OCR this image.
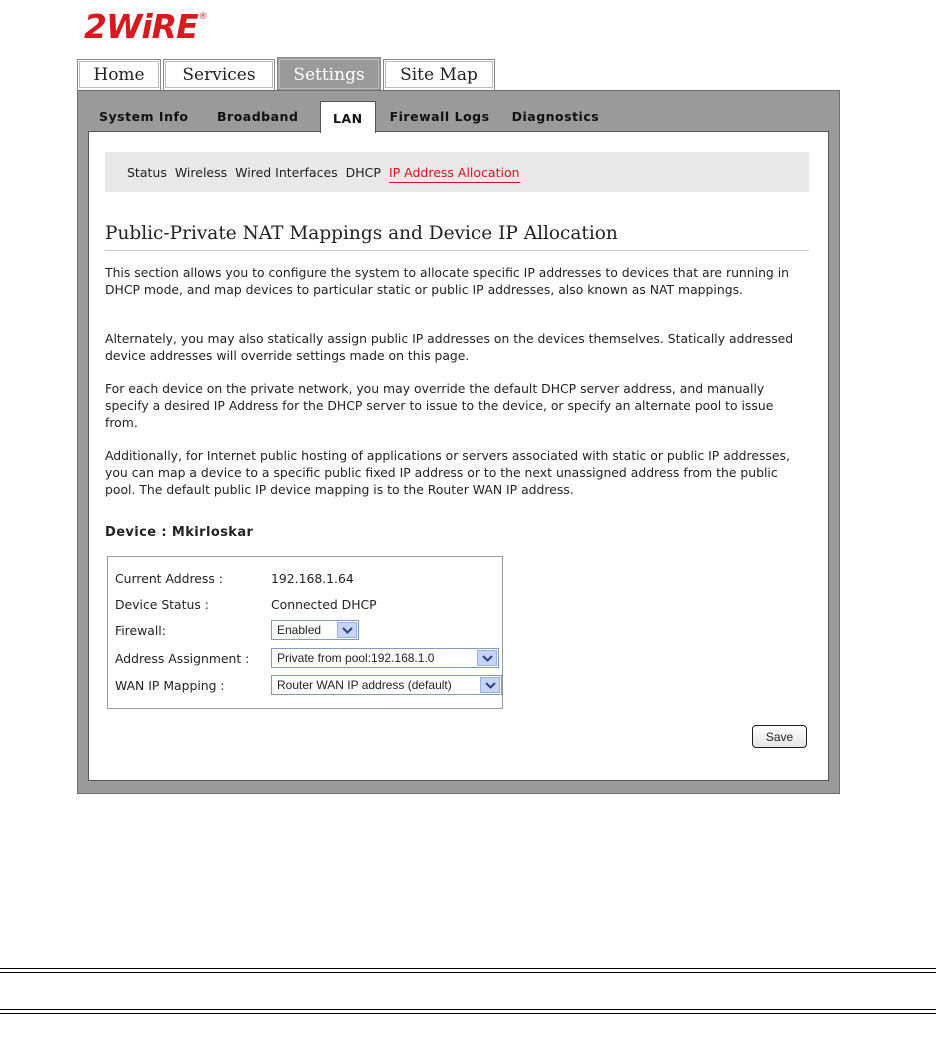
2WiRE ®
Home	Services	Settings	Site Map
System Info	Broadband	LAN	Firewall Logs	Diagnostics
Status Wireless Wired Interfaces DHCP IP Address Allocation
Public-Private NAT Mappings and Device IP Allocation

This section allows you to configure the system to allocate specific IP addresses to devices that are running in DHCP mode, and map devices to particular static or public IP addresses, also known as NAT mappings.

Alternately, you may also statically assign public IP addresses on the devices themselves. Statically addressed device addresses will override settings made on this page.

For each device on the private network, you may override the default DHCP server address, and manually specify a desired IP Address for the DHCP server to issue to the device, or specify an alternate pool to issue from.

Additionally, for Internet public hosting of applications or servers associated with static or public IP addresses, you can map a device to a specific public fixed IP address or to the next unassigned address from the public pool. The default public IP device mapping is to the Router WAN IP address.

Device : Mkirloskar
Current Address :	192.168.1.64
Device Status :	Connected DHCP
Firewall:	Enabled
Address Assignment :	Private from pool:192.168.1.0
WAN IP Mapping :	Router WAN IP address (default)
Save
